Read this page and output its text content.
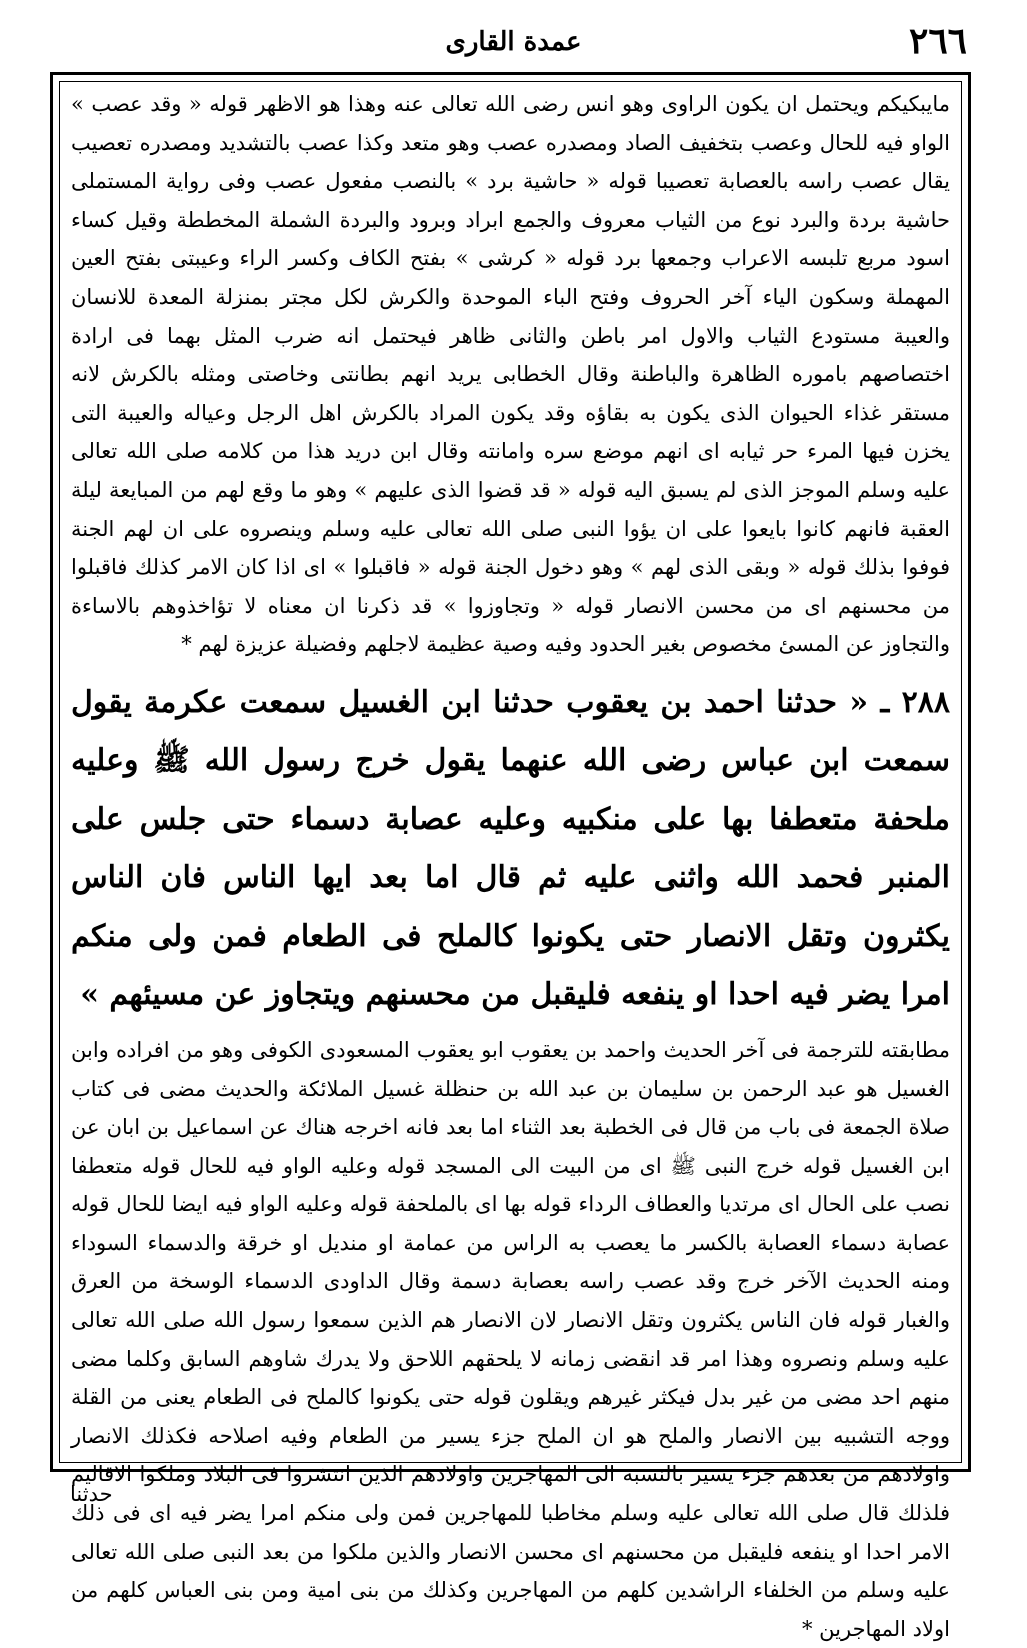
٢٦٦
عمدة القارى

مايبكيكم ويحتمل ان يكون الراوى وهو انس رضى الله تعالى عنه وهذا هو الاظهر قوله « وقد عصب » الواو فيه للحال وعصب بتخفيف الصاد ومصدره عصب وهو متعد وكذا عصب بالتشديد ومصدره تعصيب يقال عصب راسه بالعصابة تعصيبا قوله « حاشية برد » بالنصب مفعول عصب وفى رواية المستملى حاشية بردة والبرد نوع من الثياب معروف والجمع ابراد وبرود والبردة الشملة المخططة وقيل كساء اسود مربع تلبسه الاعراب وجمعها برد قوله « كرشى » بفتح الكاف وكسر الراء وعيبتى بفتح العين المهملة وسكون الياء آخر الحروف وفتح الباء الموحدة والكرش لكل مجتر بمنزلة المعدة للانسان والعيبة مستودع الثياب والاول امر باطن والثانى ظاهر فيحتمل انه ضرب المثل بهما فى ارادة اختصاصهم باموره الظاهرة والباطنة وقال الخطابى يريد انهم بطانتى وخاصتى ومثله بالكرش لانه مستقر غذاء الحيوان الذى يكون به بقاؤه وقد يكون المراد بالكرش اهل الرجل وعياله والعيبة التى يخزن فيها المرء حر ثيابه اى انهم موضع سره وامانته وقال ابن دريد هذا من كلامه صلى الله تعالى عليه وسلم الموجز الذى لم يسبق اليه قوله « قد قضوا الذى عليهم » وهو ما وقع لهم من المبايعة ليلة العقبة فانهم كانوا بايعوا على ان يؤوا النبى صلى الله تعالى عليه وسلم وينصروه على ان لهم الجنة فوفوا بذلك قوله « وبقى الذى لهم » وهو دخول الجنة قوله « فاقبلوا » اى اذا كان الامر كذلك فاقبلوا من محسنهم اى من محسن الانصار قوله « وتجاوزوا » قد ذكرنا ان معناه لا تؤاخذوهم بالاساءة والتجاوز عن المسئ مخصوص بغير الحدود وفيه وصية عظيمة لاجلهم وفضيلة عزيزة لهم *

٢٨٨ ـ « حدثنا احمد بن يعقوب حدثنا ابن الغسيل سمعت عكرمة يقول سمعت ابن عباس رضى الله عنهما يقول خرج رسول الله ﷺ وعليه ملحفة متعطفا بها على منكبيه وعليه عصابة دسماء حتى جلس على المنبر فحمد الله واثنى عليه ثم قال اما بعد ايها الناس فان الناس يكثرون وتقل الانصار حتى يكونوا كالملح فى الطعام فمن ولى منكم امرا يضر فيه احدا او ينفعه فليقبل من محسنهم ويتجاوز عن مسيئهم »

مطابقته للترجمة فى آخر الحديث واحمد بن يعقوب ابو يعقوب المسعودى الكوفى وهو من افراده وابن الغسيل هو عبد الرحمن بن سليمان بن عبد الله بن حنظلة غسيل الملائكة والحديث مضى فى كتاب صلاة الجمعة فى باب من قال فى الخطبة بعد الثناء اما بعد فانه اخرجه هناك عن اسماعيل بن ابان عن ابن الغسيل قوله خرج النبى ﷺ اى من البيت الى المسجد قوله وعليه الواو فيه للحال قوله متعطفا نصب على الحال اى مرتديا والعطاف الرداء قوله بها اى بالملحفة قوله وعليه الواو فيه ايضا للحال قوله عصابة دسماء العصابة بالكسر ما يعصب به الراس من عمامة او منديل او خرقة والدسماء السوداء ومنه الحديث الآخر خرج وقد عصب راسه بعصابة دسمة وقال الداودى الدسماء الوسخة من العرق والغبار قوله فان الناس يكثرون وتقل الانصار لان الانصار هم الذين سمعوا رسول الله صلى الله تعالى عليه وسلم ونصروه وهذا امر قد انقضى زمانه لا يلحقهم اللاحق ولا يدرك شاوهم السابق وكلما مضى منهم احد مضى من غير بدل فيكثر غيرهم ويقلون قوله حتى يكونوا كالملح فى الطعام يعنى من القلة ووجه التشبيه بين الانصار والملح هو ان الملح جزء يسير من الطعام وفيه اصلاحه فكذلك الانصار واولادهم من بعدهم جزء يسير بالنسبة الى المهاجرين واولادهم الذين انتشروا فى البلاد وملكوا الاقاليم فلذلك قال صلى الله تعالى عليه وسلم مخاطبا للمهاجرين فمن ولى منكم امرا يضر فيه اى فى ذلك الامر احدا او ينفعه فليقبل من محسنهم اى محسن الانصار والذين ملكوا من بعد النبى صلى الله تعالى عليه وسلم من الخلفاء الراشدين كلهم من المهاجرين وكذلك من بنى امية ومن بنى العباس كلهم من اولاد المهاجرين *

حدثنا
